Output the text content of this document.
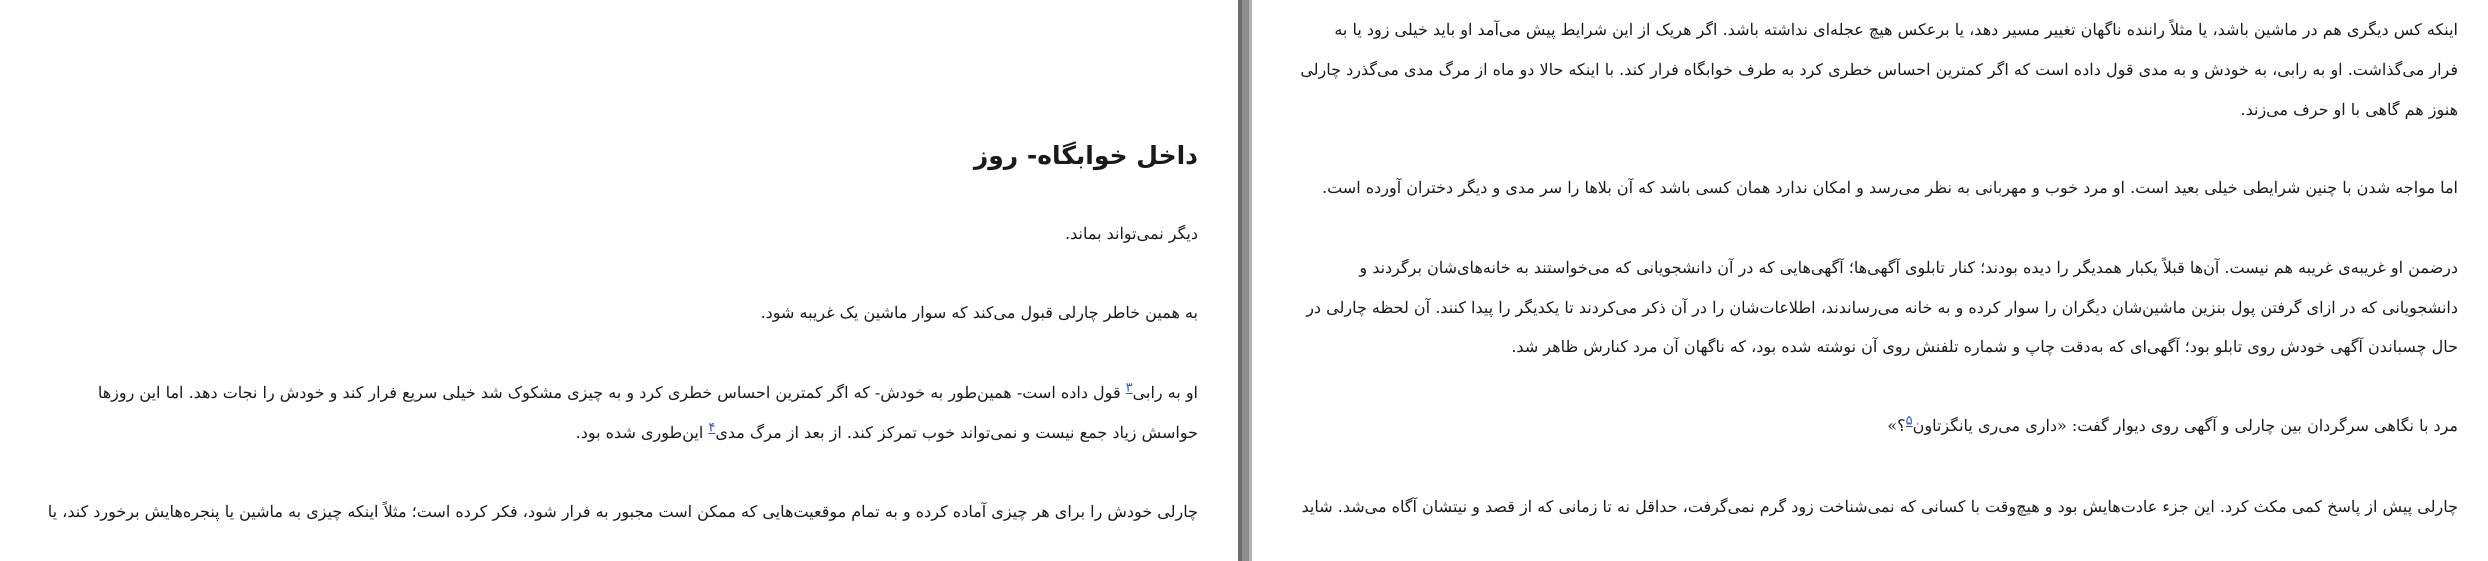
داخل خوابگاه- روز
دیگر نمی‌تواند بماند.
به همین خاطر چارلی قبول می‌کند که سوار ماشین یک غریبه شود.
او به رابی$^۳$ قول داده است- همین‌طور به خودش- که اگر کمترین احساس خطری کرد و به چیزی مشکوک شد خیلی سریع فرار کند و خودش را نجات دهد. اما این روزها
حواسش زیاد جمع نیست و نمی‌تواند خوب تمرکز کند. از بعد از مرگ مدی$^۴$ این‌طوری شده بود.
چارلی خودش را برای هر چیزی آماده کرده و به تمام موقعیت‌هایی که ممکن است مجبور به فرار شود، فکر کرده است؛ مثلاً اینکه چیزی به ماشین یا پنجره‌هایش برخورد کند، یا
اینکه کس دیگری هم در ماشین باشد، یا مثلاً راننده ناگهان تغییر مسیر دهد، یا برعکس هیچ عجله‌ای نداشته باشد. اگر هریک از این شرایط پیش می‌آمد او باید خیلی زود یا به
فرار می‌گذاشت. او به رابی، به خودش و به مدی قول داده است که اگر کمترین احساس خطری کرد به طرف خوابگاه فرار کند. با اینکه حالا دو ماه از مرگ مدی می‌گذرد چارلی
هنوز هم گاهی با او حرف می‌زند.
اما مواجه شدن با چنین شرایطی خیلی بعید است. او مرد خوب و مهربانی به نظر می‌رسد و امکان ندارد همان کسی باشد که آن بلاها را سر مدی و دیگر دختران آورده است.
درضمن او غریبه‌ی غریبه هم نیست. آن‌ها قبلاً یکبار همدیگر را دیده بودند؛ کنار تابلوی آگهی‌ها؛ آگهی‌هایی که در آن دانشجویانی که می‌خواستند به خانه‌های‌شان برگردند و
دانشجویانی که در ازای گرفتن پول بنزین ماشین‌شان دیگران را سوار کرده و به خانه می‌رساندند، اطلاعات‌شان را در آن ذکر می‌کردند تا یکدیگر را پیدا کنند. آن لحظه چارلی در
حال چسباندن آگهی خودش روی تابلو بود؛ آگهی‌ای که به‌دقت چاپ و شماره تلفنش روی آن نوشته شده بود، که ناگهان آن مرد کنارش ظاهر شد.
مرد با نگاهی سرگردان بین چارلی و آگهی روی دیوار گفت: «داری می‌ری یانگزتاون$^۵$؟»
چارلی پیش از پاسخ کمی مکث کرد. این جزء عادت‌هایش بود و هیچ‌وقت با کسانی که نمی‌شناخت زود گرم نمی‌گرفت، حداقل نه تا زمانی که از قصد و نیتشان آگاه می‌شد. شاید
